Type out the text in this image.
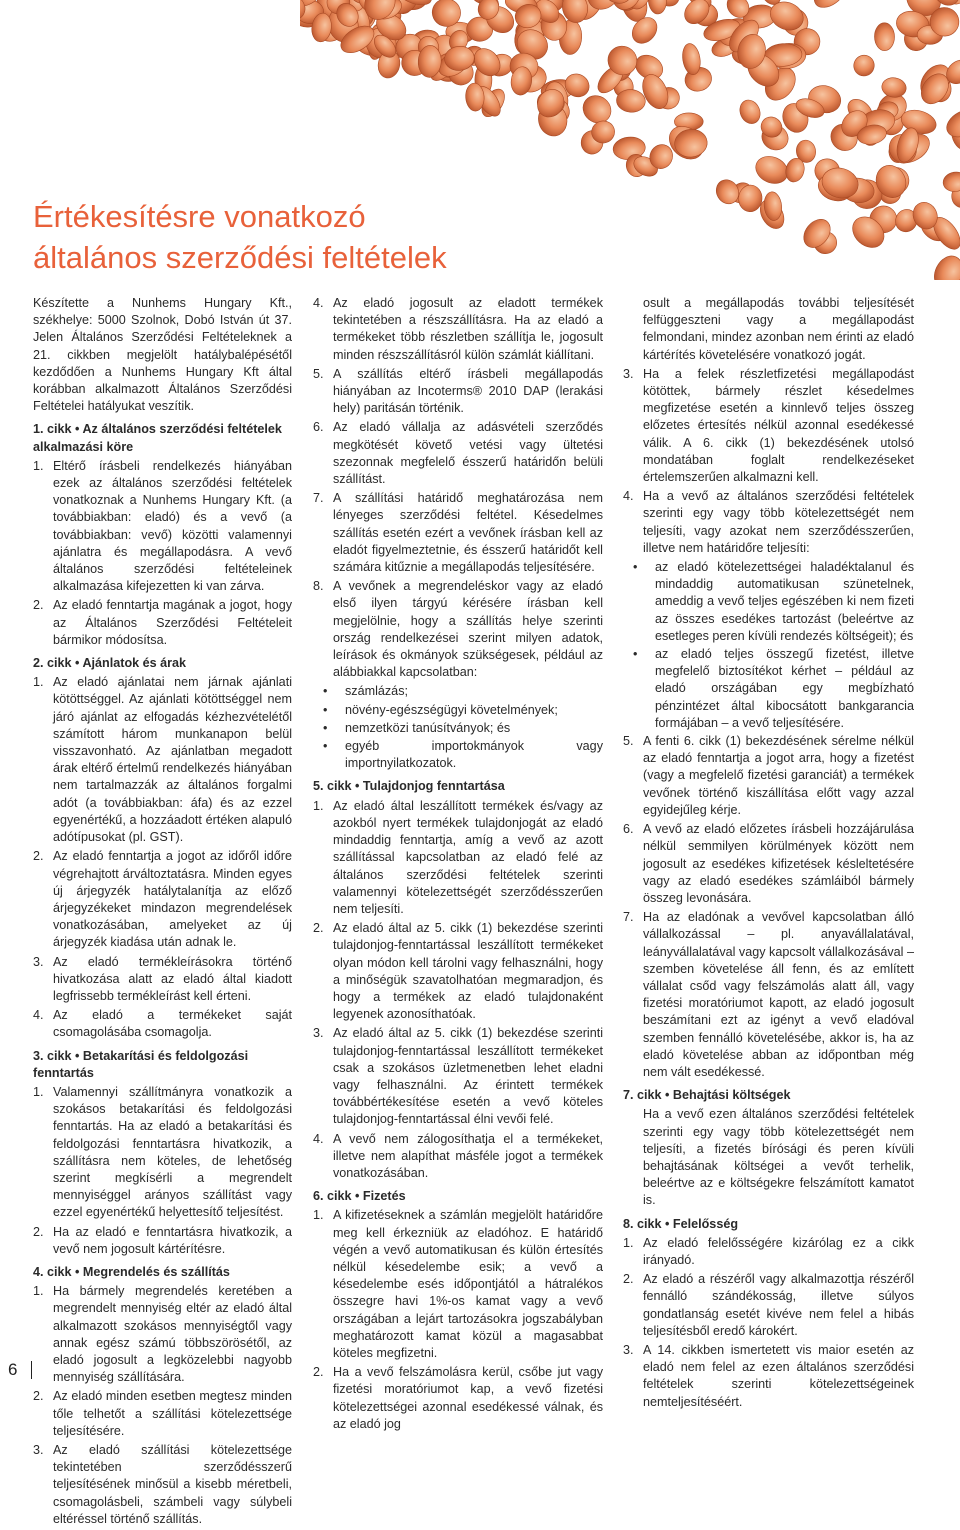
Értékesítésre vonatkozó
általános szerződési feltételek

Készítette a Nunhems Hungary Kft., székhelye: 5000 Szolnok, Dobó István út 37. Jelen Általános Szerződési Feltételeknek a 21. cikkben megjelölt hatálybalépésétől kezdődően a Nunhems Hungary Kft által korábban alkalmazott Általános Szerződési Feltételei hatályukat veszítik.

1. cikk • Az általános szerződési feltételek alkalmazási köre
1. Eltérő írásbeli rendelkezés hiányában ezek az általános szerződési feltételek vonatkoznak a Nunhems Hungary Kft. (a továbbiakban: eladó) és a vevő (a továbbiakban: vevő) közötti valamennyi ajánlatra és megállapodásra. A vevő általános szerződési feltételeinek alkalmazása kifejezetten ki van zárva.
2. Az eladó fenntartja magának a jogot, hogy az Általános Szerződési Feltételeit bármikor módosítsa.
2. cikk • Ajánlatok és árak
1. Az eladó ajánlatai nem járnak ajánlati kötöttséggel. Az ajánlati kötöttséggel nem járó ajánlat az elfogadás kézhezvételétől számított három munkanapon belül visszavonható. Az ajánlatban megadott árak eltérő értelmű rendelkezés hiányában nem tartalmazzák az általános forgalmi adót (a továbbiakban: áfa) és az ezzel egyenértékű, a hozzáadott értéken alapuló adótípusokat (pl. GST).
2. Az eladó fenntartja a jogot az időről időre végrehajtott árváltoztatásra. Minden egyes új árjegyzék hatálytalanítja az előző árjegyzékeket mindazon megrendelések vonatkozásában, amelyeket az új árjegyzék kiadása után adnak le.
3. Az eladó termékleírásokra történő hivatkozása alatt az eladó által kiadott legfrissebb termékleírást kell érteni.
4. Az eladó a termékeket saját csomagolásába csomagolja.
3. cikk • Betakarítási és feldolgozási fenntartás
1. Valamennyi szállítmányra vonatkozik a szokásos betakarítási és feldolgozási fenntartás. Ha az eladó a betakarítási és feldolgozási fenntartásra hivatkozik, a szállításra nem köteles, de lehetőség szerint megkísérli a megrendelt mennyiséggel arányos szállítást vagy ezzel egyenértékű helyettesítő teljesítést.
2. Ha az eladó e fenntartásra hivatkozik, a vevő nem jogosult kártérítésre.
4. cikk • Megrendelés és szállítás
1. Ha bármely megrendelés keretében a megrendelt mennyiség eltér az eladó által alkalmazott szokásos mennyiségtől vagy annak egész számú többszörösétől, az eladó jogosult a legközelebbi nagyobb mennyiség szállítására.
2. Az eladó minden esetben megtesz minden tőle telhetőt a szállítási kötelezettsége teljesítésére.
3. Az eladó szállítási kötelezettsége tekintetében szerződésszerű teljesítésének minősül a kisebb méretbeli, csomagolásbeli, számbeli vagy súlybeli eltéréssel történő szállítás.
4. Az eladó jogosult az eladott termékek tekintetében a részszállításra. Ha az eladó a termékeket több részletben szállítja le, jogosult minden részszállításról külön számlát kiállítani.
5. A szállítás eltérő írásbeli megállapodás hiányában az Incoterms® 2010 DAP (lerakási hely) paritásán történik.
6. Az eladó vállalja az adásvételi szerződés megkötését követő vetési vagy ültetési szezonnak megfelelő ésszerű határidőn belüli szállítást.
7. A szállítási határidő meghatározása nem lényeges szerződési feltétel. Késedelmes szállítás esetén ezért a vevőnek írásban kell az eladót figyelmeztetnie, és ésszerű határidőt kell számára kitűznie a megállapodás teljesítésére.
8. A vevőnek a megrendeléskor vagy az eladó első ilyen tárgyú kérésére írásban kell megjelölnie, hogy a szállítás helye szerinti ország rendelkezései szerint milyen adatok, leírások és okmányok szükségesek, például az alábbiakkal kapcsolatban:
•	számlázás;
•	növény-egészségügyi követelmények;
•	nemzetközi tanúsítványok; és
•	egyéb importokmányok vagy importnyilatkozatok.
5. cikk • Tulajdonjog fenntartása
1. Az eladó által leszállított termékek és/vagy az azokból nyert termékek tulajdonjogát az eladó mindaddig fenntartja, amíg a vevő az azott szállítással kapcsolatban az eladó felé az általános szerződési feltételek szerinti valamennyi kötelezettségét szerződésszerűen nem teljesíti.
2. Az eladó által az 5. cikk (1) bekezdése szerinti tulajdonjog-fenntartással leszállított termékeket olyan módon kell tárolni vagy felhasználni, hogy a minőségük szavatolhatóan megmaradjon, és hogy a termékek az eladó tulajdonaként legyenek azonosíthatóak.
3. Az eladó által az 5. cikk (1) bekezdése szerinti tulajdonjog-fenntartással leszállított termékeket csak a szokásos üzletmenetben lehet eladni vagy felhasználni. Az érintett termékek továbbértékesítése esetén a vevő köteles tulajdonjog-fenntartással élni vevői felé.
4. A vevő nem zálogosíthatja el a termékeket, illetve nem alapíthat másféle jogot a termékek vonatkozásában.
6. cikk • Fizetés
1. A kifizetéseknek a számlán megjelölt határidőre meg kell érkezniük az eladóhoz. E határidő végén a vevő automatikusan és külön értesítés nélkül késedelembe esik; a vevő a késedelembe esés időpontjától a hátralékos összegre havi 1%-os kamat vagy a vevő országában a lejárt tartozásokra jogszabályban meghatározott kamat közül a magasabbat köteles megfizetni.
2. Ha a vevő felszámolásra kerül, csőbe jut vagy fizetési moratóriumot kap, a vevő fizetési kötelezettségei azonnal esedékessé válnak, és az eladó jog
osult a megállapodás további teljesítését felfüggeszteni vagy a megállapodást felmondani, mindez azonban nem érinti az eladó kártérítés követelésére vonatkozó jogát.
3. Ha a felek részletfizetési megállapodást kötöttek, bármely részlet késedelmes megfizetése esetén a kinnlevő teljes összeg előzetes értesítés nélkül azonnal esedékessé válik. A 6. cikk (1) bekezdésének utolsó mondatában foglalt rendelkezéseket értelemszerűen alkalmazni kell.
4. Ha a vevő az általános szerződési feltételek szerinti egy vagy több kötelezettségét nem teljesíti, vagy azokat nem szerződésszerűen, illetve nem határidőre teljesíti:
•	az eladó kötelezettségei haladéktalanul és mindaddig automatikusan szünetelnek, ameddig a vevő teljes egészében ki nem fizeti az összes esedékes tartozást (beleértve az esetleges peren kívüli rendezés költségeit); és
•	az eladó teljes összegű fizetést, illetve megfelelő biztosítékot kérhet – például az eladó országában egy megbízható pénzintézet által kibocsátott bankgarancia formájában – a vevő teljesítésére.
5. A fenti 6. cikk (1) bekezdésének sérelme nélkül az eladó fenntartja a jogot arra, hogy a fizetést (vagy a megfelelő fizetési garanciát) a termékek vevőnek történő kiszállítása előtt vagy azzal egyidejűleg kérje.
6. A vevő az eladó előzetes írásbeli hozzájárulása nélkül semmilyen körülmények között nem jogosult az esedékes kifizetések késleltetésére vagy az eladó esedékes számláiból bármely összeg levonására.
7. Ha az eladónak a vevővel kapcsolatban álló vállalkozással – pl. anyavállalatával, leányvállalatával vagy kapcsolt vállalkozásával – szemben követelése áll fenn, és az említett vállalat csőd vagy felszámolás alatt áll, vagy fizetési moratóriumot kapott, az eladó jogosult beszámítani ezt az igényt a vevő eladóval szemben fennálló követelésébe, akkor is, ha az eladó követelése abban az időpontban még nem vált esedékessé.
7. cikk • Behajtási költségek

Ha a vevő ezen általános szerződési feltételek szerinti egy vagy több kötelezettségét nem teljesíti, a fizetés bírósági és peren kívüli behajtásának költségei a vevőt terhelik, beleértve az e költségekre felszámított kamatot is.

8. cikk • Felelősség
1. Az eladó felelősségére kizárólag ez a cikk irányadó.
2. Az eladó a részéről vagy alkalmazottja részéről fennálló szándékosság, illetve súlyos gondatlanság esetét kivéve nem felel a hibás teljesítésből eredő károkért.
3. A 14. cikkben ismertetett vis maior esetén az eladó nem felel az ezen általános szerződési feltételek szerinti kötelezettségeinek nemteljesítéséért.
6
